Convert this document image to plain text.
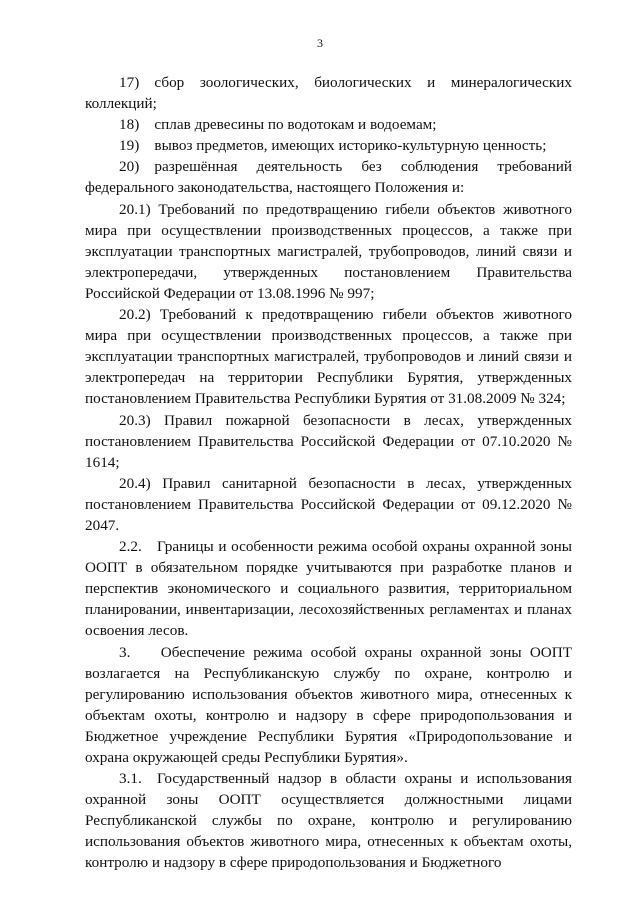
3

17) сбор зоологических, биологических и минералогических коллекций;

18) сплав древесины по водотокам и водоемам;

19) вывоз предметов, имеющих историко-культурную ценность;

20) разрешённая деятельность без соблюдения требований федерального законодательства, настоящего Положения и:

20.1) Требований по предотвращению гибели объектов животного мира при осуществлении производственных процессов, а также при эксплуатации транспортных магистралей, трубопроводов, линий связи и электропередачи, утвержденных постановлением Правительства Российской Федерации от 13.08.1996 № 997;

20.2) Требований к предотвращению гибели объектов животного мира при осуществлении производственных процессов, а также при эксплуатации транспортных магистралей, трубопроводов и линий связи и электропередач на территории Республики Бурятия, утвержденных постановлением Правительства Республики Бурятия от 31.08.2009 № 324;

20.3) Правил пожарной безопасности в лесах, утвержденных постановлением Правительства Российской Федерации от 07.10.2020 № 1614;

20.4) Правил санитарной безопасности в лесах, утвержденных постановлением Правительства Российской Федерации от 09.12.2020 № 2047.

2.2. Границы и особенности режима особой охраны охранной зоны ООПТ в обязательном порядке учитываются при разработке планов и перспектив экономического и социального развития, территориальном планировании, инвентаризации, лесохозяйственных регламентах и планах освоения лесов.

3.  Обеспечение режима особой охраны охранной зоны ООПТ возлагается на Республиканскую службу по охране, контролю и регулированию использования объектов животного мира, отнесенных к объектам охоты, контролю и надзору в сфере природопользования и Бюджетное учреждение Республики Бурятия «Природопользование и охрана окружающей среды Республики Бурятия».

3.1. Государственный надзор в области охраны и использования охранной зоны ООПТ осуществляется должностными лицами Республиканской службы по охране, контролю и регулированию использования объектов животного мира, отнесенных к объектам охоты, контролю и надзору в сфере природопользования и Бюджетного
